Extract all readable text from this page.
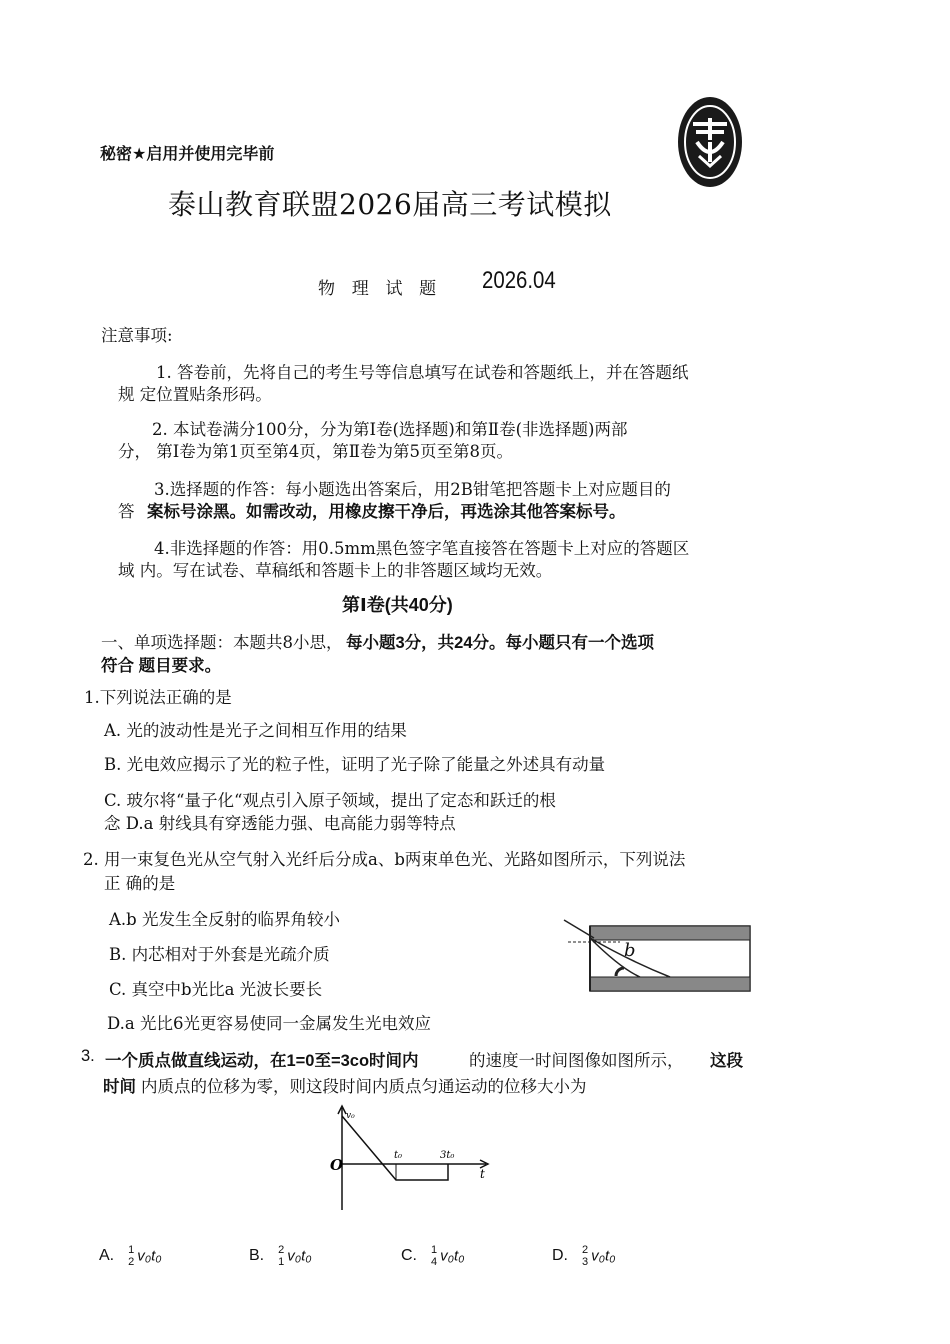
秘密★启用并使用完毕前
泰山教育联盟2026届高三考试模拟
物 理 试 题 2026.04
注意事项:
1. 答卷前，先将自己的考生号等信息填写在试卷和答题纸上，并在答题纸
规 定位置贴条形码。
2. 本试卷满分100分，分为第Ⅰ卷(选择题)和第Ⅱ卷(非选择题)两部
分， 第Ⅰ卷为第1页至第4页，第Ⅱ卷为第5页至第8页。
3.选择题的作答：每小题选出答案后，用2B钳笔把答题卡上对应题目的
答 案标号涂黑。如需改动，用橡皮擦干净后，再选涂其他答案标号。
4.非选择题的作答：用0.5mm黑色签字笔直接答在答题卡上对应的答题区
域 内。写在试卷、草稿纸和答题卡上的非答题区域均无效。
第Ⅰ卷(共40分)
一、单项选择题：本题共8小思， 每小题3分，共24分。每小题只有一个选项
符合 题目要求。
1.下列说法正确的是
A. 光的波动性是光子之间相互作用的结果
B. 光电效应揭示了光的粒子性，证明了光子除了能量之外述具有动量
C. 玻尔将“量子化“观点引入原子领域，提出了定态和跃迁的根
念 D.a 射线具有穿透能力强、电高能力弱等特点
2. 用一束复色光从空气射入光纤后分成a、b两束单色光、光路如图所示，下列说法
正 确的是
A.b 光发生全反射的临界角较小
B. 内芯相对于外套是光疏介质
C. 真空中b光比a 光波长要长
D.a 光比6光更容易使同一金属发生光电效应
b
3. 一个质点做直线运动，在1=0至=3co时间内	的速度一时间图像如图所示， 这段
时间 内质点的位移为零，则这段时间内质点匀通运动的位移大小为
O
v₀
t₀	3t₀
t
A. 1
2 v₀t₀	B. 2
1 v₀t₀	C. 1
4 v₀t₀	D. 2
3 v₀t₀
